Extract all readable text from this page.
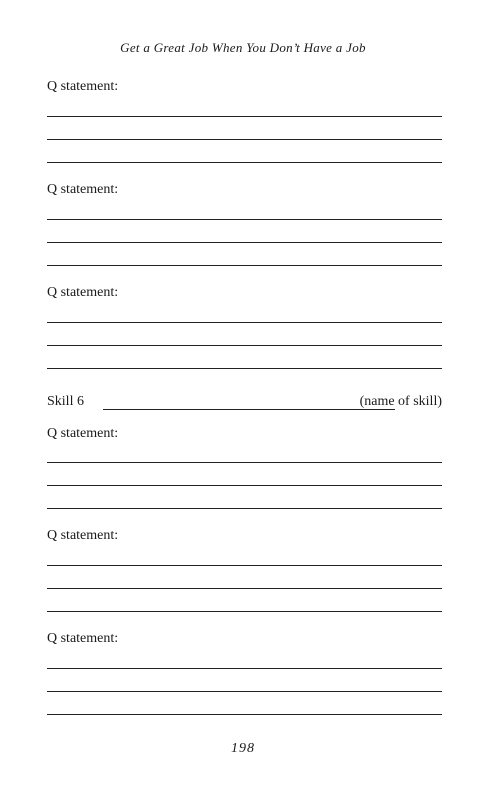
Get a Great Job When You Don’t Have a Job
Q statement:
Q statement:
Q statement:
Skill 6	(name of skill)
Q statement:
Q statement:
Q statement:
198
